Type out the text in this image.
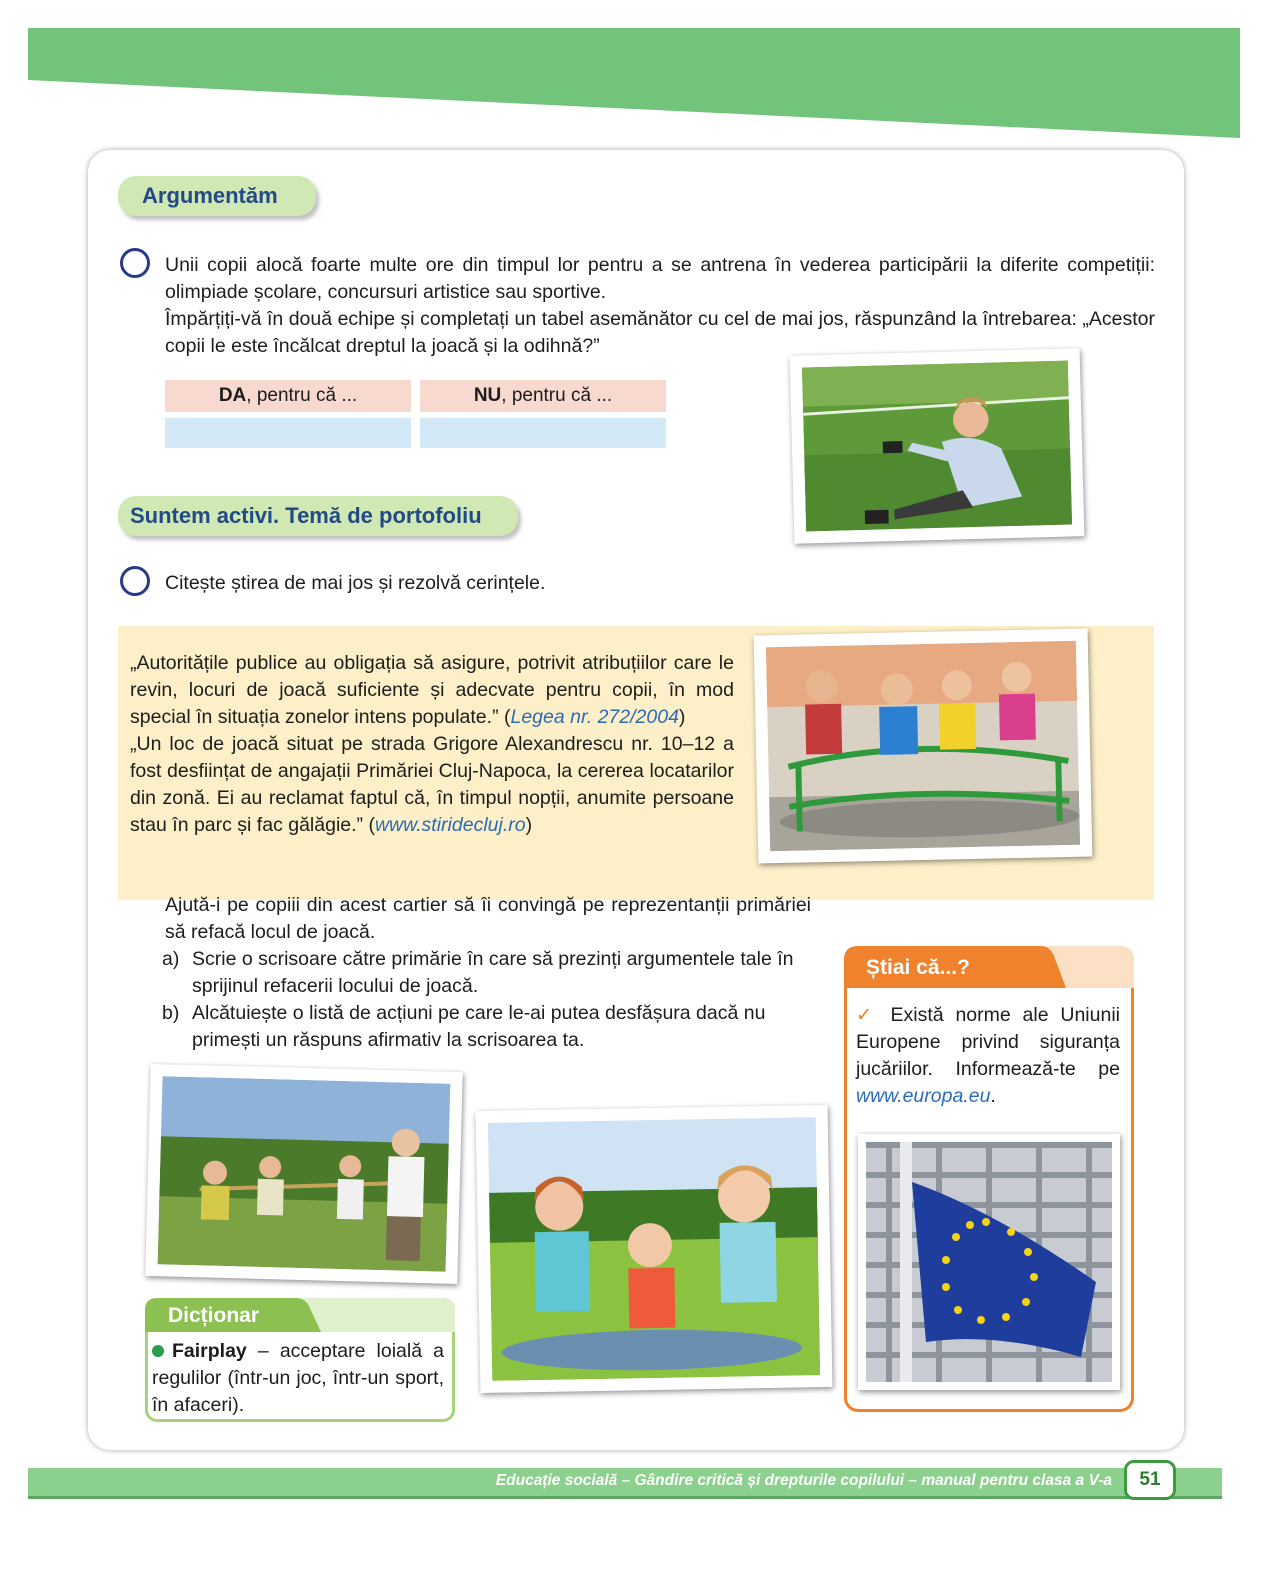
Argumentăm
Unii copii alocă foarte multe ore din timpul lor pentru a se antrena în vederea participării la diferite competiții: olimpiade școlare, concursuri artistice sau sportive.
Împărțiți-vă în două echipe și completați un tabel asemănător cu cel de mai jos, răspunzând la întrebarea: „Acestor copii le este încălcat dreptul la joacă și la odihnă?”
DA , pentru că ...	NU , pentru că ...
Suntem activi. Temă de portofoliu
Citește știrea de mai jos și rezolvă cerințele.
„Autoritățile publice au obligația să asigure, potrivit atribuțiilor care le revin, locuri de joacă suficiente și adecvate pentru copii, în mod special în situația zonelor intens populate.” (Legea nr. 272/2004)
„Un loc de joacă situat pe strada Grigore Alexandrescu nr. 10–12 a fost desființat de angajații Primăriei Cluj-Napoca, la cererea locatarilor din zonă. Ei au reclamat faptul că, în timpul nopții, anumite persoane stau în parc și fac gălăgie.” (www.stiridecluj.ro)
Ajută-i pe copiii din acest cartier să îi convingă pe reprezentanții primăriei să refacă locul de joacă.
a) Scrie o scrisoare către primărie în care să prezinți argumentele tale în sprijinul refacerii locului de joacă.
b) Alcătuiește o listă de acțiuni pe care le-ai putea desfășura dacă nu primești un răspuns afirmativ la scrisoarea ta.
Știai că...?
✓ Există norme ale Uniunii Europene privind siguranța jucăriilor. Informează-te pe www.europa.eu.
Dicționar
Fairplay – acceptare loială a regulilor (într-un joc, într-un sport, în afaceri).
Educație socială – Gândire critică și drepturile copilului – manual pentru clasa a V-a	51
